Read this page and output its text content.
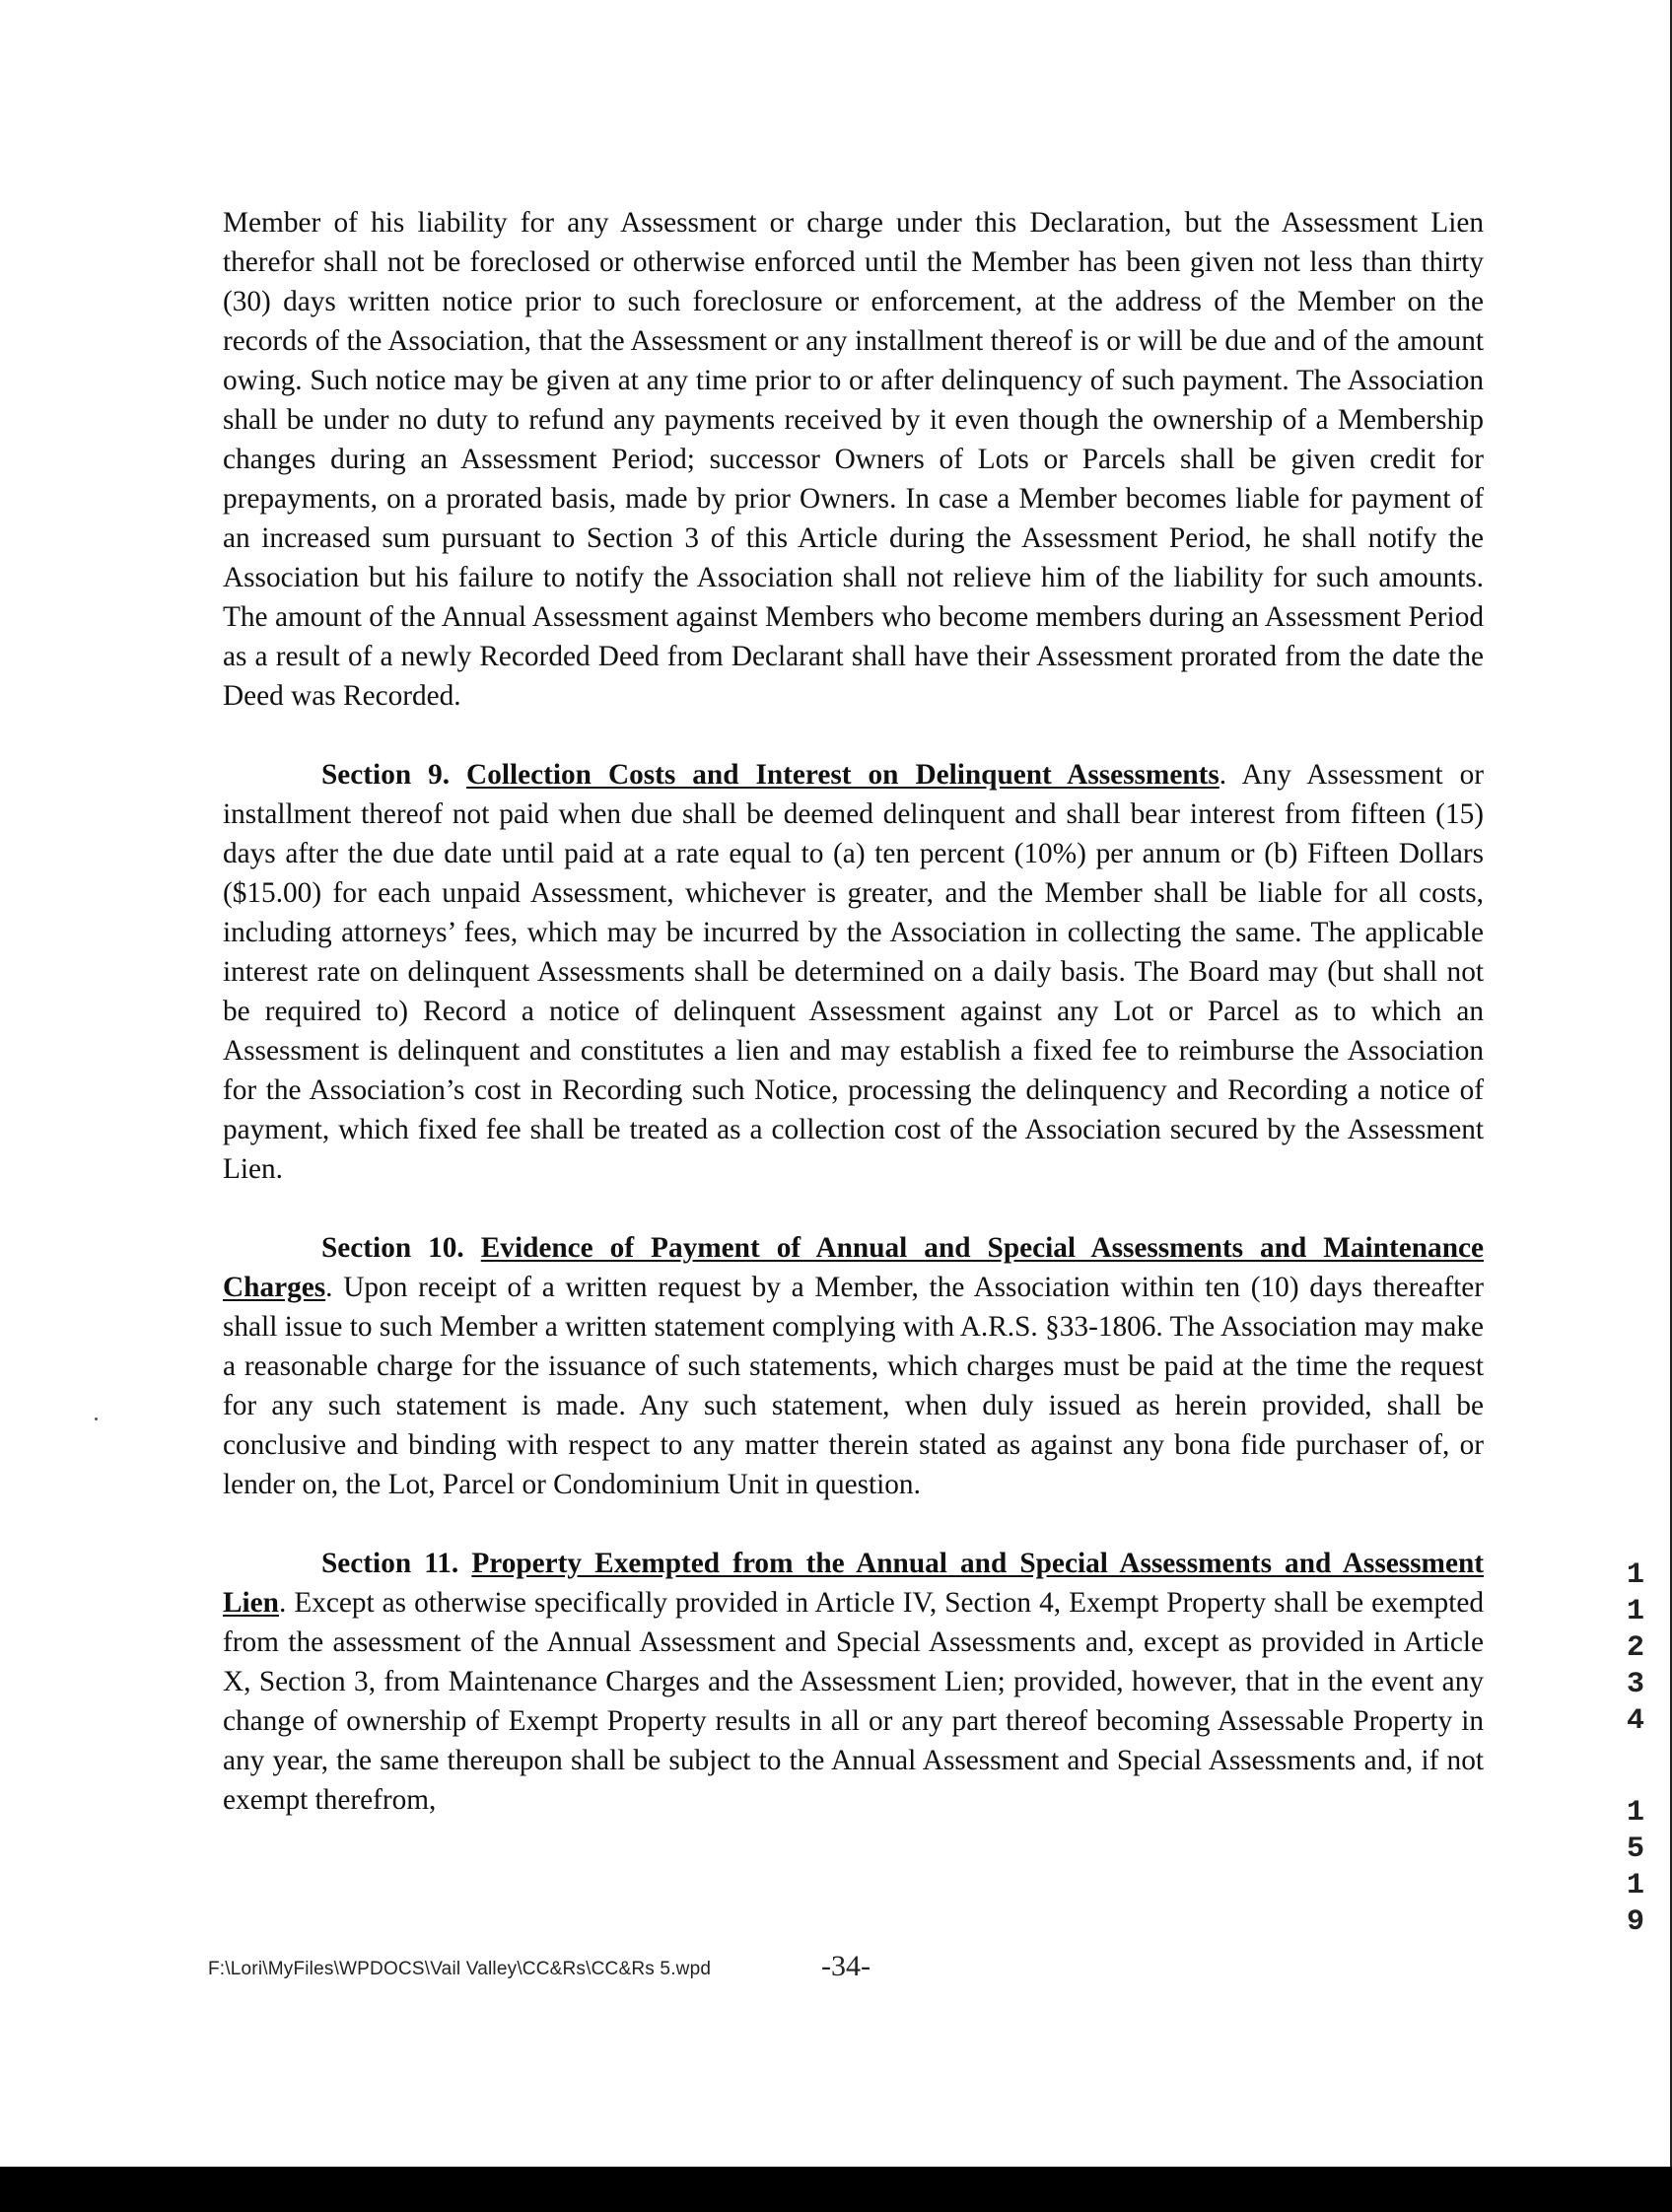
Member of his liability for any Assessment or charge under this Declaration, but the Assessment Lien therefor shall not be foreclosed or otherwise enforced until the Member has been given not less than thirty (30) days written notice prior to such foreclosure or enforcement, at the address of the Member on the records of the Association, that the Assessment or any installment thereof is or will be due and of the amount owing. Such notice may be given at any time prior to or after delinquency of such payment. The Association shall be under no duty to refund any payments received by it even though the ownership of a Membership changes during an Assessment Period; successor Owners of Lots or Parcels shall be given credit for prepayments, on a prorated basis, made by prior Owners. In case a Member becomes liable for payment of an increased sum pursuant to Section 3 of this Article during the Assessment Period, he shall notify the Association but his failure to notify the Association shall not relieve him of the liability for such amounts. The amount of the Annual Assessment against Members who become members during an Assessment Period as a result of a newly Recorded Deed from Declarant shall have their Assessment prorated from the date the Deed was Recorded.

Section 9. Collection Costs and Interest on Delinquent Assessments. Any Assessment or installment thereof not paid when due shall be deemed delinquent and shall bear interest from fifteen (15) days after the due date until paid at a rate equal to (a) ten percent (10%) per annum or (b) Fifteen Dollars ($15.00) for each unpaid Assessment, whichever is greater, and the Member shall be liable for all costs, including attorneys’ fees, which may be incurred by the Association in collecting the same. The applicable interest rate on delinquent Assessments shall be determined on a daily basis. The Board may (but shall not be required to) Record a notice of delinquent Assessment against any Lot or Parcel as to which an Assessment is delinquent and constitutes a lien and may establish a fixed fee to reimburse the Association for the Association’s cost in Recording such Notice, processing the delinquency and Recording a notice of payment, which fixed fee shall be treated as a collection cost of the Association secured by the Assessment Lien.

Section 10. Evidence of Payment of Annual and Special Assessments and Maintenance Charges. Upon receipt of a written request by a Member, the Association within ten (10) days thereafter shall issue to such Member a written statement complying with A.R.S. §33-1806. The Association may make a reasonable charge for the issuance of such statements, which charges must be paid at the time the request for any such statement is made. Any such statement, when duly issued as herein provided, shall be conclusive and binding with respect to any matter therein stated as against any bona fide purchaser of, or lender on, the Lot, Parcel or Condominium Unit in question.

Section 11. Property Exempted from the Annual and Special Assessments and Assessment Lien. Except as otherwise specifically provided in Article IV, Section 4, Exempt Property shall be exempted from the assessment of the Annual Assessment and Special Assessments and, except as provided in Article X, Section 3, from Maintenance Charges and the Assessment Lien; provided, however, that in the event any change of ownership of Exempt Property results in all or any part thereof becoming Assessable Property in any year, the same thereupon shall be subject to the Annual Assessment and Special Assessments and, if not exempt therefrom,

F:\Lori\MyFiles\WPDOCS\Vail Valley\CC&Rs\CC&Rs 5.wpd	-34-
1
1
2
3
4
1
5
1
9
